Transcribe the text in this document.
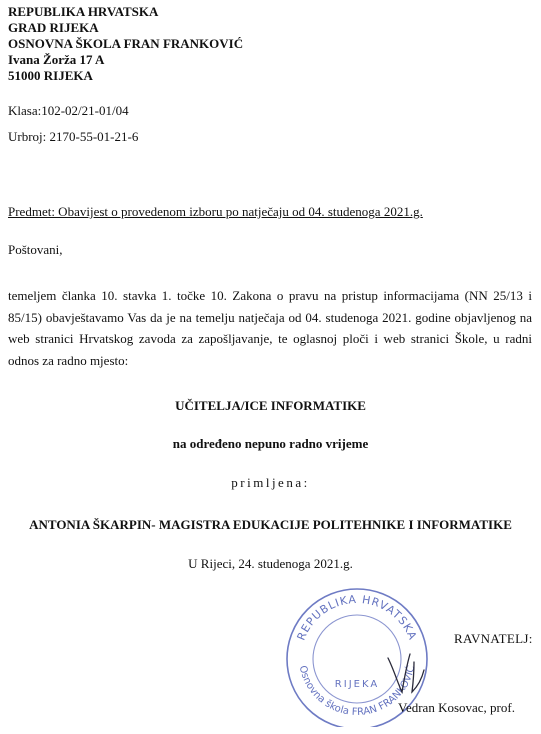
REPUBLIKA HRVATSKA
GRAD RIJEKA
OSNOVNA ŠKOLA FRAN FRANKOVIĆ
Ivana Žorža 17 A
51000 RIJEKA
Klasa:102-02/21-01/04
Urbroj: 2170-55-01-21-6
Predmet: Obavijest o provedenom izboru po natječaju od 04. studenoga 2021.g.
Poštovani,
temeljem članka 10. stavka 1. točke 10. Zakona o pravu na pristup informacijama (NN 25/13 i 85/15) obavještavamo Vas da je na temelju natječaja od 04. studenoga 2021. godine objavljenog na web stranici Hrvatskog zavoda za zapošljavanje, te oglasnoj ploči i web stranici Škole, u radni odnos za radno mjesto:
UČITELJA/ICE INFORMATIKE
na određeno nepuno radno vrijeme
primljena:
ANTONIA ŠKARPIN- MAGISTRA EDUKACIJE POLITEHNIKE I INFORMATIKE
U Rijeci, 24. studenoga 2021.g.
REPUBLIKA HRVATSKA
Osnovna škola FRAN FRANKOVIĆ
RIJEKA
RAVNATELJ:
Vedran Kosovac, prof.
